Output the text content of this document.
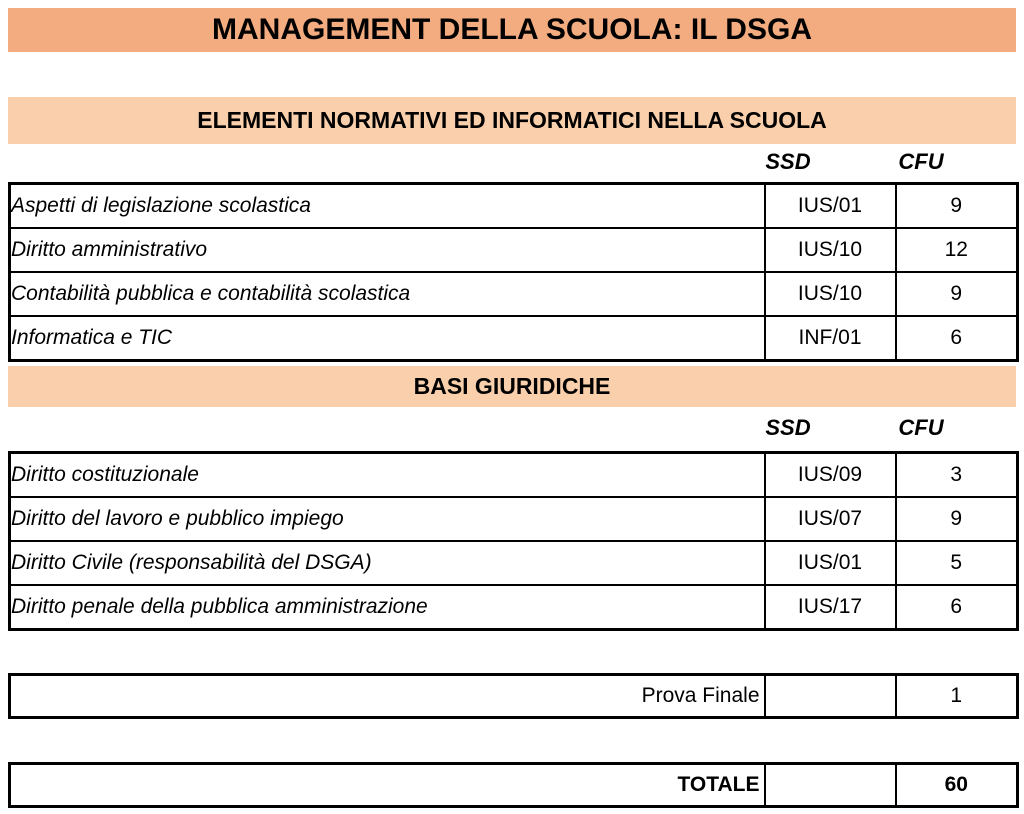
MANAGEMENT DELLA SCUOLA: IL DSGA
ELEMENTI NORMATIVI ED INFORMATICI NELLA SCUOLA
SSD	CFU
Aspetti di legislazione scolastica	IUS/01	9
Diritto amministrativo	IUS/10	12
Contabilità pubblica e contabilità scolastica	IUS/10	9
Informatica e TIC	INF/01	6
BASI GIURIDICHE
SSD	CFU
Diritto costituzionale	IUS/09	3
Diritto del lavoro e pubblico impiego	IUS/07	9
Diritto Civile (responsabilità del DSGA)	IUS/01	5
Diritto penale della pubblica amministrazione	IUS/17	6
Prova Finale		1
TOTALE		60
